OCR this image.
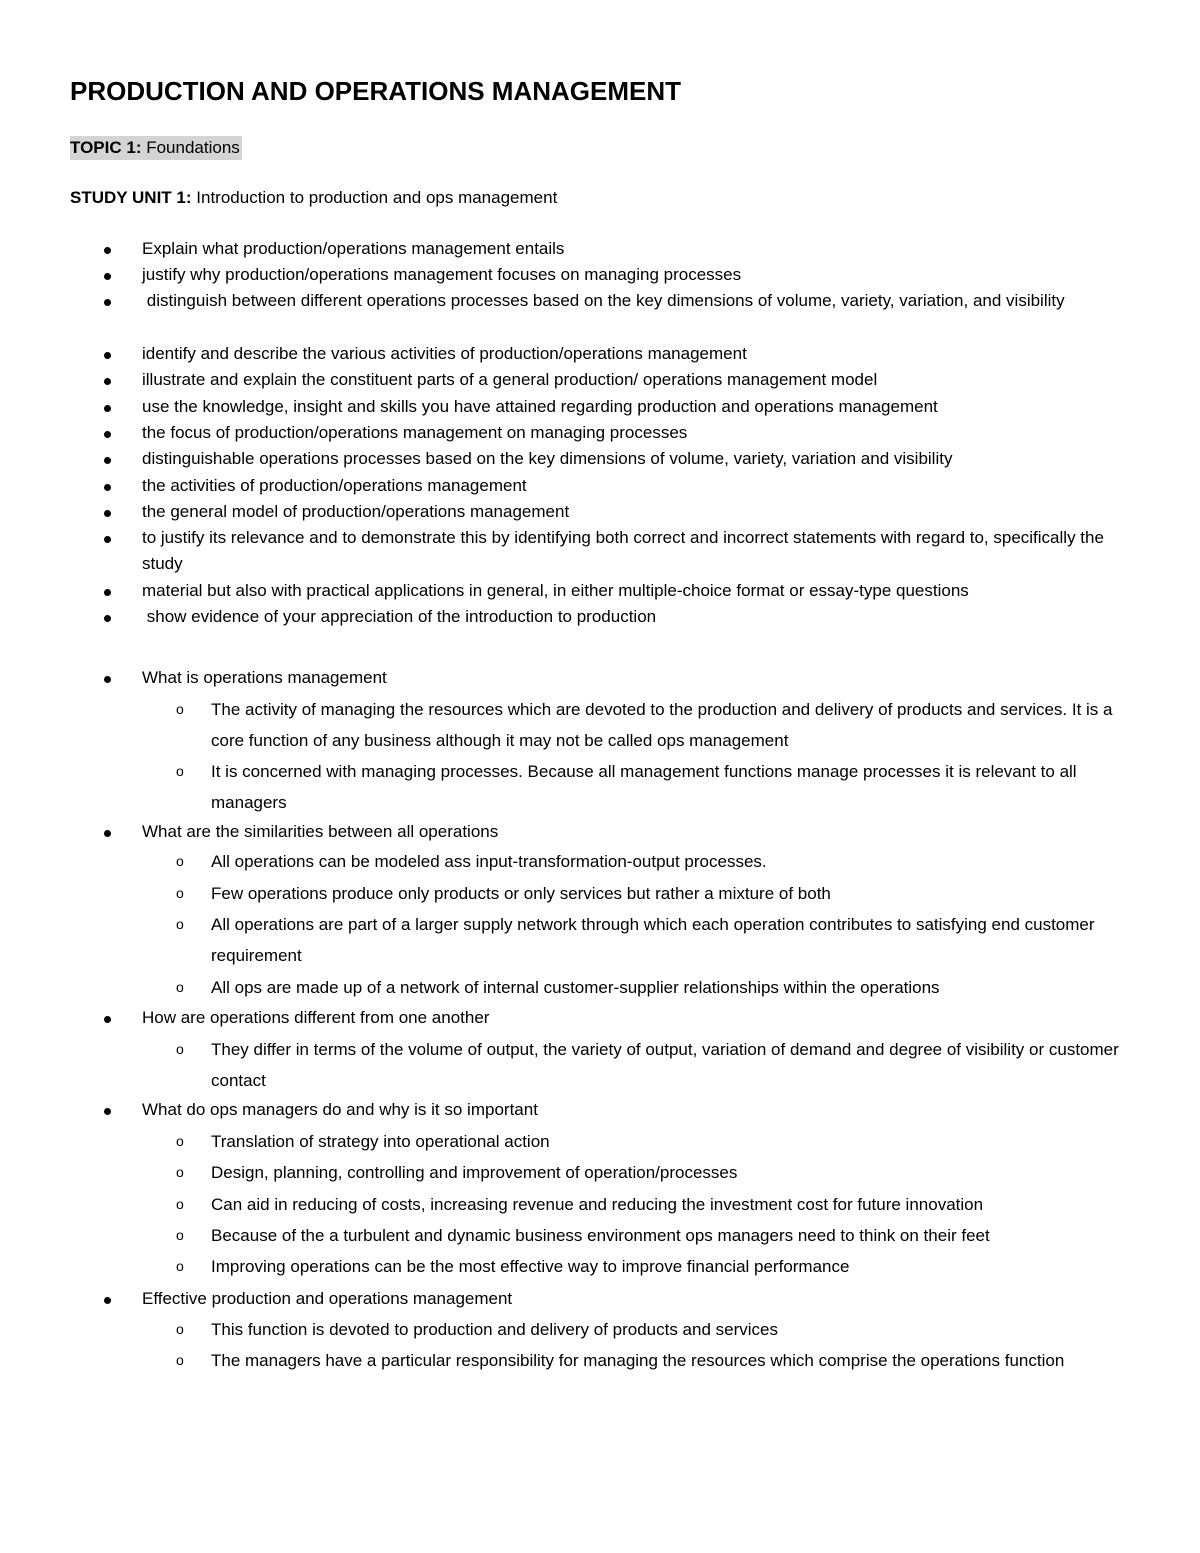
PRODUCTION AND OPERATIONS MANAGEMENT
TOPIC 1: Foundations
STUDY UNIT 1: Introduction to production and ops management
Explain what production/operations management entails
justify why production/operations management focuses on managing processes
distinguish between different operations processes based on the key dimensions of volume, variety, variation, and visibility
identify and describe the various activities of production/operations management
illustrate and explain the constituent parts of a general production/ operations management model
use the knowledge, insight and skills you have attained regarding production and operations management
the focus of production/operations management on managing processes
distinguishable operations processes based on the key dimensions of volume, variety, variation and visibility
the activities of production/operations management
the general model of production/operations management
to justify its relevance and to demonstrate this by identifying both correct and incorrect statements with regard to, specifically the study
material but also with practical applications in general, in either multiple-choice format or essay-type questions
show evidence of your appreciation of the introduction to production
What is operations management
o The activity of managing the resources which are devoted to the production and delivery of products and services. It is a core function of any business although it may not be called ops management
o It is concerned with managing processes. Because all management functions manage processes it is relevant to all managers
What are the similarities between all operations
o All operations can be modeled ass input-transformation-output processes.
o Few operations produce only products or only services but rather a mixture of both
o All operations are part of a larger supply network through which each operation contributes to satisfying end customer requirement
o All ops are made up of a network of internal customer-supplier relationships within the operations
How are operations different from one another
o They differ in terms of the volume of output, the variety of output, variation of demand and degree of visibility or customer contact
What do ops managers do and why is it so important
o Translation of strategy into operational action
o Design, planning, controlling and improvement of operation/processes
o Can aid in reducing of costs, increasing revenue and reducing the investment cost for future innovation
o Because of the a turbulent and dynamic business environment ops managers need to think on their feet
o Improving operations can be the most effective way to improve financial performance
Effective production and operations management
o This function is devoted to production and delivery of products and services
o The managers have a particular responsibility for managing the resources which comprise the operations function
